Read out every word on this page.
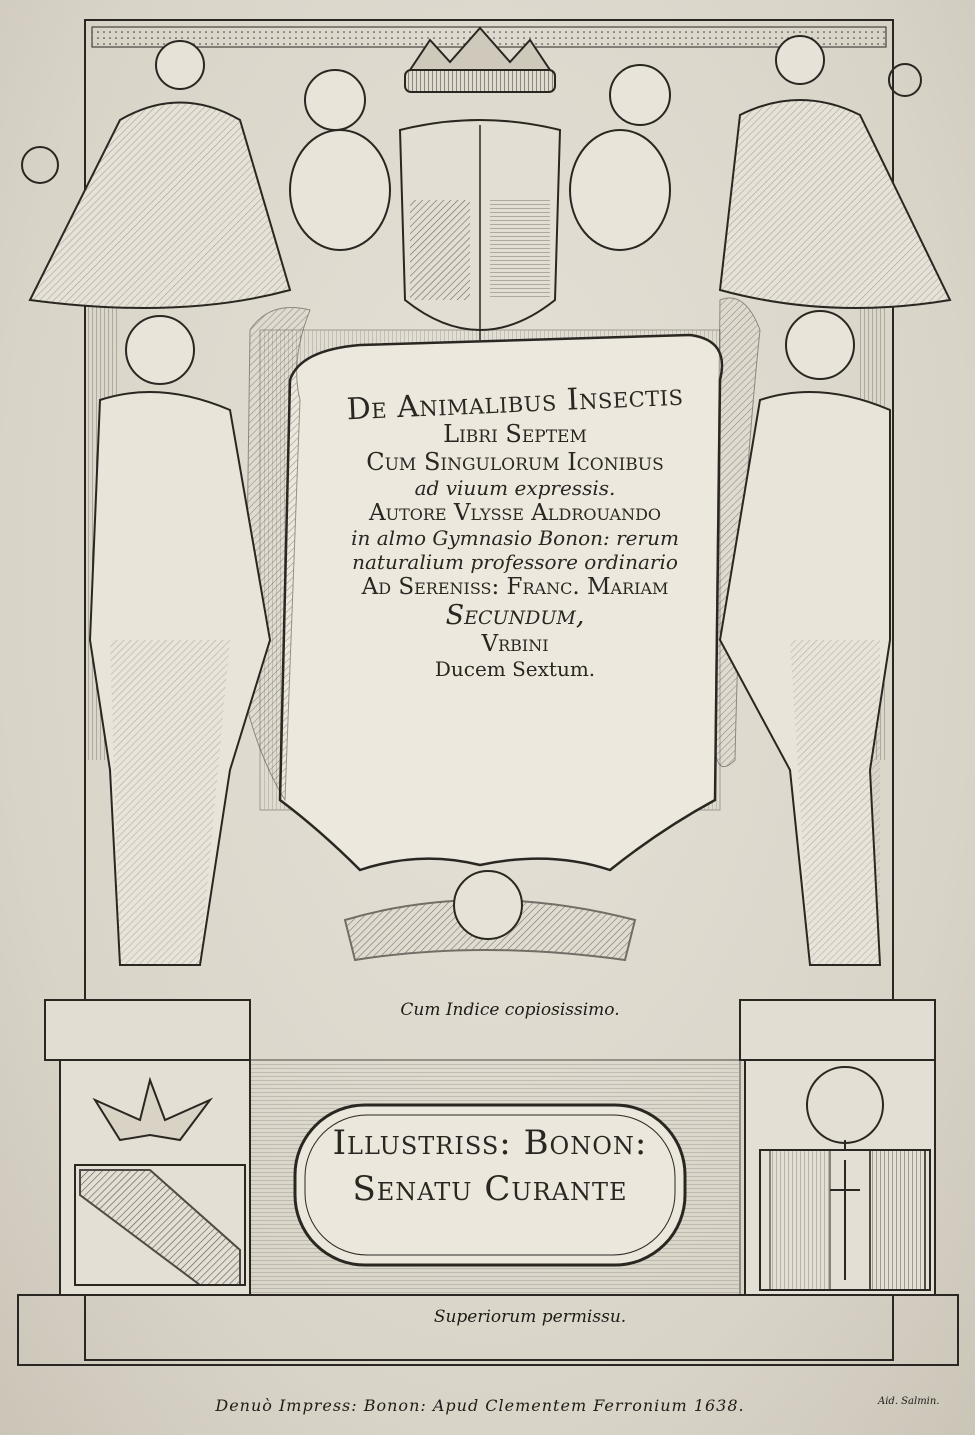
De Animalibus Insectis
Libri Septem
Cum Singulorum Iconibus
ad viuum expressis.
Autore Vlysse Aldrouando
in almo Gymnasio Bonon: rerum
naturalium professore ordinario
Ad Sereniss: Franc. Mariam
Secundum,
Vrbini
Ducem Sextum.
Cum Indice copiosissimo.
Illustriss: Bonon:
Senatu Curante
Superiorum permissu.
Denuò Impress: Bonon: Apud Clementem Ferronium 1638.	Aid. Salmin.
